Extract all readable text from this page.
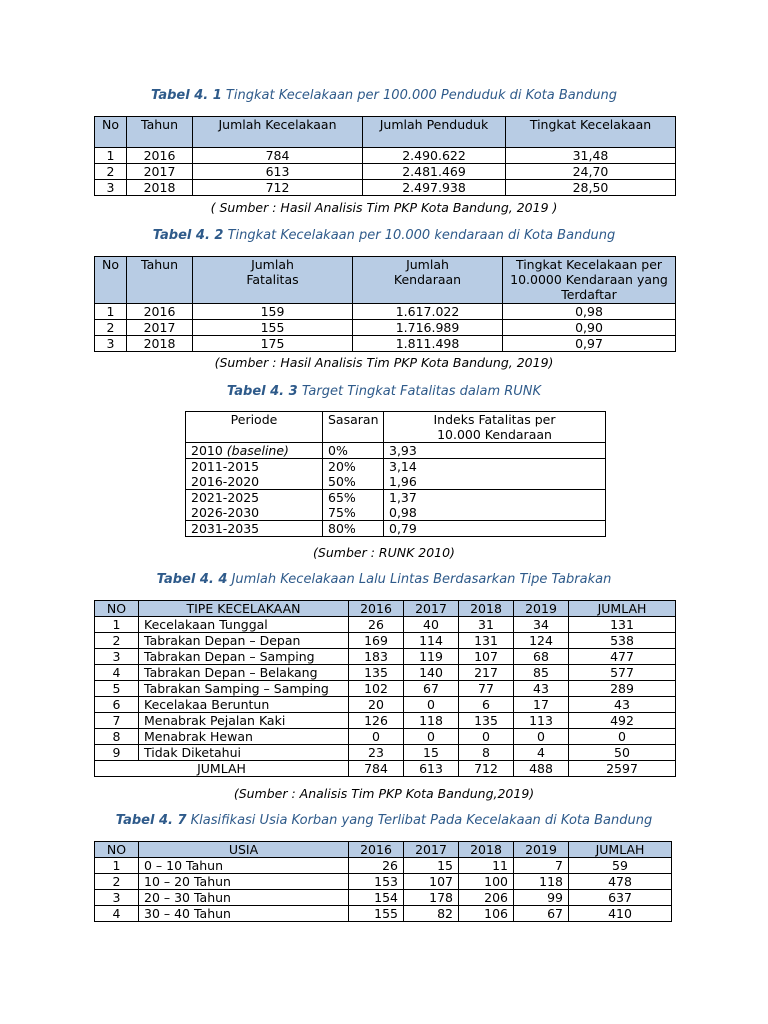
Tabel 4. 1 Tingkat Kecelakaan per 100.000 Penduduk di Kota Bandung
No	Tahun	Jumlah Kecelakaan	Jumlah Penduduk	Tingkat Kecelakaan
1	2016	784	2.490.622	31,48
2	2017	613	2.481.469	24,70
3	2018	712	2.497.938	28,50
( Sumber : Hasil Analisis Tim PKP Kota Bandung, 2019 )
Tabel 4. 2 Tingkat Kecelakaan per 10.000 kendaraan di Kota Bandung
No	Tahun	Jumlah Fatalitas	Jumlah Kendaraan	Tingkat Kecelakaan per 10.0000 Kendaraan yang Terdaftar
1	2016	159	1.617.022	0,98
2	2017	155	1.716.989	0,90
3	2018	175	1.811.498	0,97
(Sumber : Hasil Analisis Tim PKP Kota Bandung, 2019)
Tabel 4. 3 Target Tingkat Fatalitas dalam RUNK
Periode	Sasaran	Indeks Fatalitas per 10.000 Kendaraan
2010 (baseline)	0%	3,93
2011-2015	20%	3,14
2016-2020	50%	1,96
2021-2025	65%	1,37
2026-2030	75%	0,98
2031-2035	80%	0,79
(Sumber : RUNK 2010)
Tabel 4. 4 Jumlah Kecelakaan Lalu Lintas Berdasarkan Tipe Tabrakan
NO	TIPE KECELAKAAN	2016	2017	2018	2019	JUMLAH
1	Kecelakaan Tunggal	26	40	31	34	131
2	Tabrakan Depan – Depan	169	114	131	124	538
3	Tabrakan Depan – Samping	183	119	107	68	477
4	Tabrakan Depan – Belakang	135	140	217	85	577
5	Tabrakan Samping – Samping	102	67	77	43	289
6	Kecelakaa Beruntun	20	0	6	17	43
7	Menabrak Pejalan Kaki	126	118	135	113	492
8	Menabrak Hewan	0	0	0	0	0
9	Tidak Diketahui	23	15	8	4	50
JUMLAH		784	613	712	488	2597
(Sumber : Analisis Tim PKP Kota Bandung,2019)
Tabel 4. 7 Klasifikasi Usia Korban yang Terlibat Pada Kecelakaan di Kota Bandung
NO	USIA	2016	2017	2018	2019	JUMLAH
1	0 – 10 Tahun	26	15	11	7	59
2	10 – 20 Tahun	153	107	100	118	478
3	20 – 30 Tahun	154	178	206	99	637
4	30 – 40 Tahun	155	82	106	67	410
